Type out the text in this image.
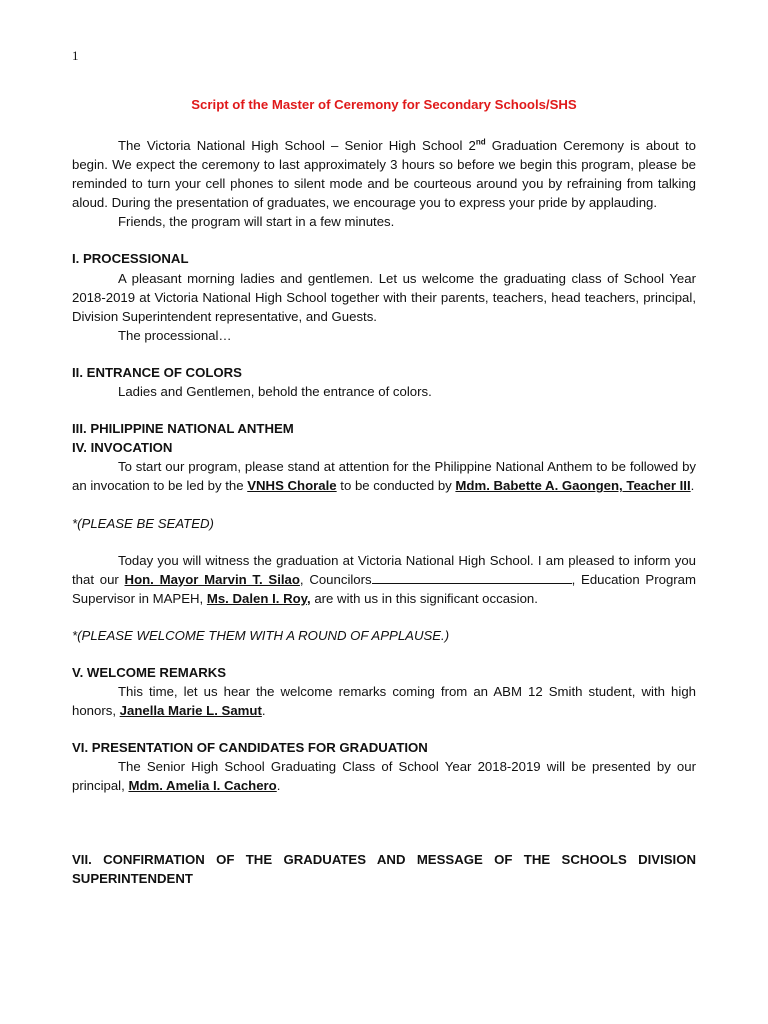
1
Script of the Master of Ceremony for Secondary Schools/SHS

The Victoria National High School – Senior High School 2nd Graduation Ceremony is about to begin. We expect the ceremony to last approximately 3 hours so before we begin this program, please be reminded to turn your cell phones to silent mode and be courteous around you by refraining from talking aloud. During the presentation of graduates, we encourage you to express your pride by applauding.

Friends, the program will start in a few minutes.

I. PROCESSIONAL

A pleasant morning ladies and gentlemen. Let us welcome the graduating class of School Year 2018-2019 at Victoria National High School together with their parents, teachers, head teachers, principal, Division Superintendent representative, and Guests.

The processional…

II. ENTRANCE OF COLORS

Ladies and Gentlemen, behold the entrance of colors.

III. PHILIPPINE NATIONAL ANTHEM

IV. INVOCATION

To start our program, please stand at attention for the Philippine National Anthem to be followed by an invocation to be led by the VNHS Chorale to be conducted by Mdm. Babette A. Gaongen, Teacher III.

*(PLEASE BE SEATED)

Today you will witness the graduation at Victoria National High School. I am pleased to inform you that our Hon. Mayor Marvin T. Silao, Councilors	, Education Program Supervisor in MAPEH, Ms. Dalen I. Roy, are with us in this significant occasion.

*(PLEASE WELCOME THEM WITH A ROUND OF APPLAUSE.)

V. WELCOME REMARKS

This time, let us hear the welcome remarks coming from an ABM 12 Smith student, with high honors, Janella Marie L. Samut.

VI. PRESENTATION OF CANDIDATES FOR GRADUATION

The Senior High School Graduating Class of School Year 2018-2019 will be presented by our principal, Mdm. Amelia I. Cachero.

VII. CONFIRMATION OF THE GRADUATES AND MESSAGE OF THE SCHOOLS DIVISION SUPERINTENDENT
